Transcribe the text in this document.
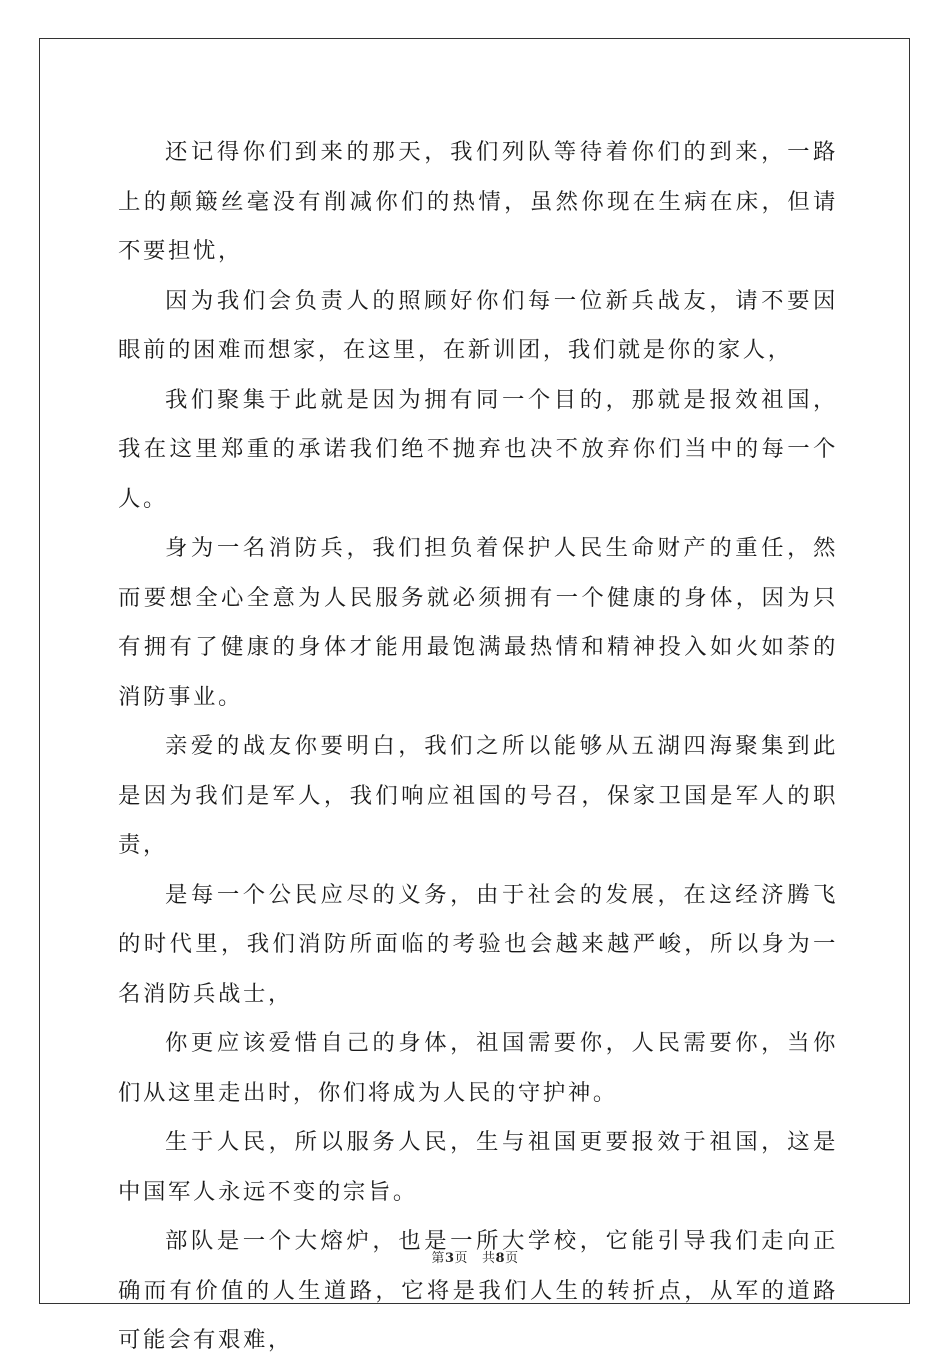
还记得你们到来的那天，我们列队等待着你们的到来，一路上的颠簸丝毫没有削减你们的热情，虽然你现在生病在床，但请不要担忧，

因为我们会负责人的照顾好你们每一位新兵战友，请不要因眼前的困难而想家，在这里，在新训团，我们就是你的家人，

我们聚集于此就是因为拥有同一个目的，那就是报效祖国，我在这里郑重的承诺我们绝不抛弃也决不放弃你们当中的每一个人。

身为一名消防兵，我们担负着保护人民生命财产的重任，然而要想全心全意为人民服务就必须拥有一个健康的身体，因为只有拥有了健康的身体才能用最饱满最热情和精神投入如火如荼的消防事业。

亲爱的战友你要明白，我们之所以能够从五湖四海聚集到此是因为我们是军人，我们响应祖国的号召，保家卫国是军人的职责，

是每一个公民应尽的义务，由于社会的发展，在这经济腾飞的时代里，我们消防所面临的考验也会越来越严峻，所以身为一名消防兵战士，

你更应该爱惜自己的身体，祖国需要你，人民需要你，当你们从这里走出时，你们将成为人民的守护神。

生于人民，所以服务人民，生与祖国更要报效于祖国，这是中国军人永远不变的宗旨。

部队是一个大熔炉，也是一所大学校，它能引导我们走向正确而有价值的人生道路，它将是我们人生的转折点，从军的道路可能会有艰难，

第3页 共8页
